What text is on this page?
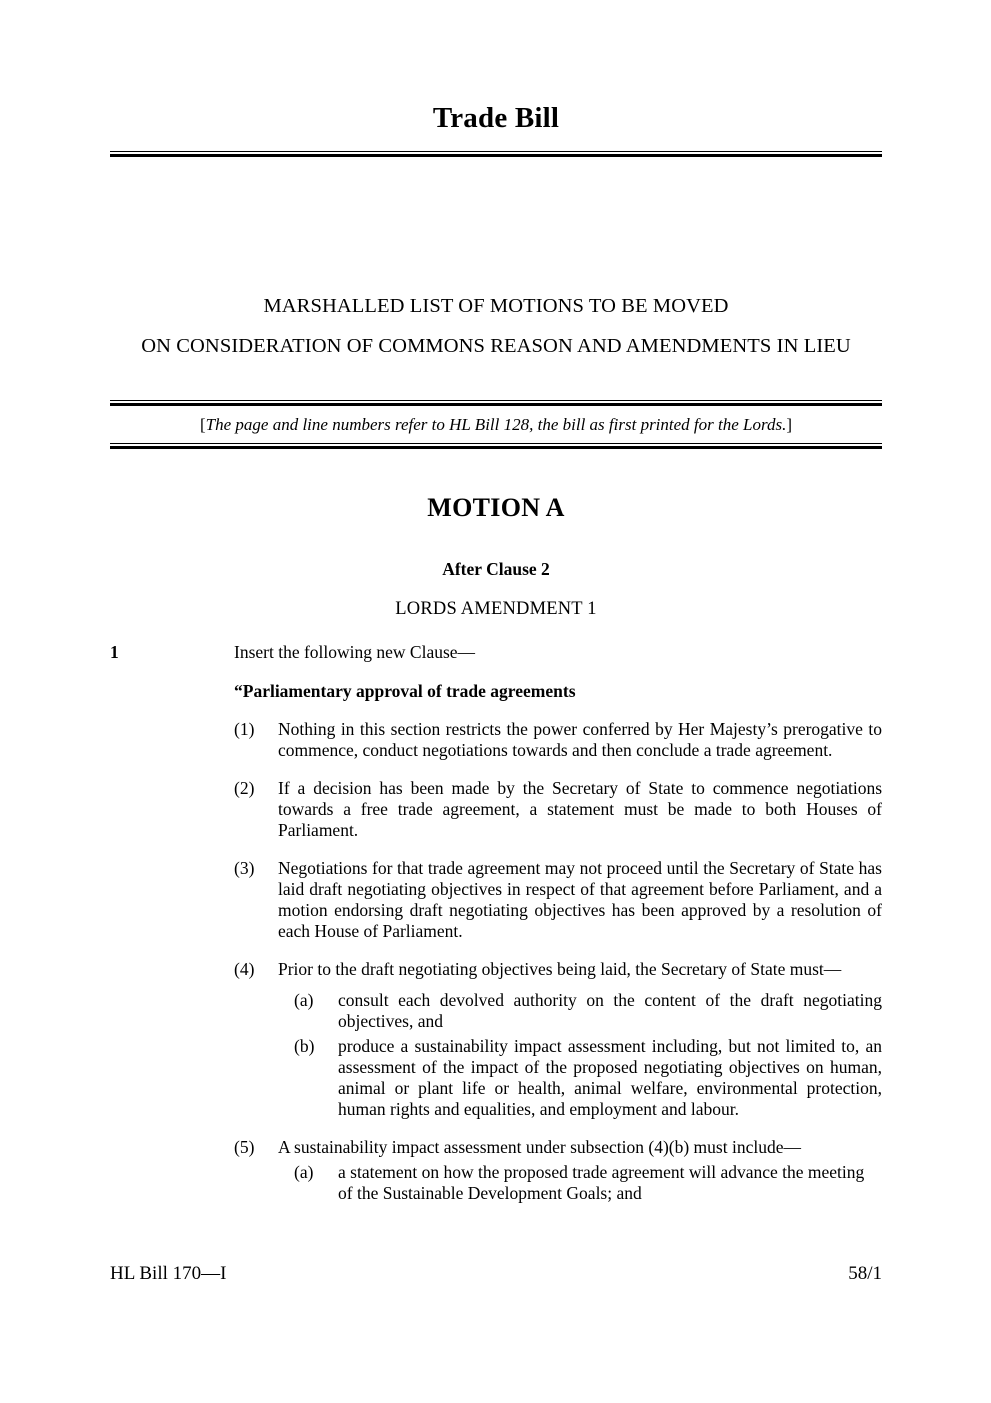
Trade Bill
MARSHALLED LIST OF MOTIONS TO BE MOVED
ON CONSIDERATION OF COMMONS REASON AND AMENDMENTS IN LIEU
[The page and line numbers refer to HL Bill 128, the bill as first printed for the Lords.]
MOTION A
After Clause 2
LORDS AMENDMENT 1
1	Insert the following new Clause—

“Parliamentary approval of trade agreements

(1)	Nothing in this section restricts the power conferred by Her Majesty’s prerogative to commence, conduct negotiations towards and then conclude a trade agreement.
(2)	If a decision has been made by the Secretary of State to commence negotiations towards a free trade agreement, a statement must be made to both Houses of Parliament.
(3)	Negotiations for that trade agreement may not proceed until the Secretary of State has laid draft negotiating objectives in respect of that agreement before Parliament, and a motion endorsing draft negotiating objectives has been approved by a resolution of each House of Parliament.
(4)	Prior to the draft negotiating objectives being laid, the Secretary of State must—
(a)	consult each devolved authority on the content of the draft negotiating objectives, and
(b)	produce a sustainability impact assessment including, but not limited to, an assessment of the impact of the proposed negotiating objectives on human, animal or plant life or health, animal welfare, environmental protection, human rights and equalities, and employment and labour.
(5)	A sustainability impact assessment under subsection (4)(b) must include—
(a)	a statement on how the proposed trade agreement will advance the meeting of the Sustainable Development Goals; and
HL Bill 170—I	58/1
